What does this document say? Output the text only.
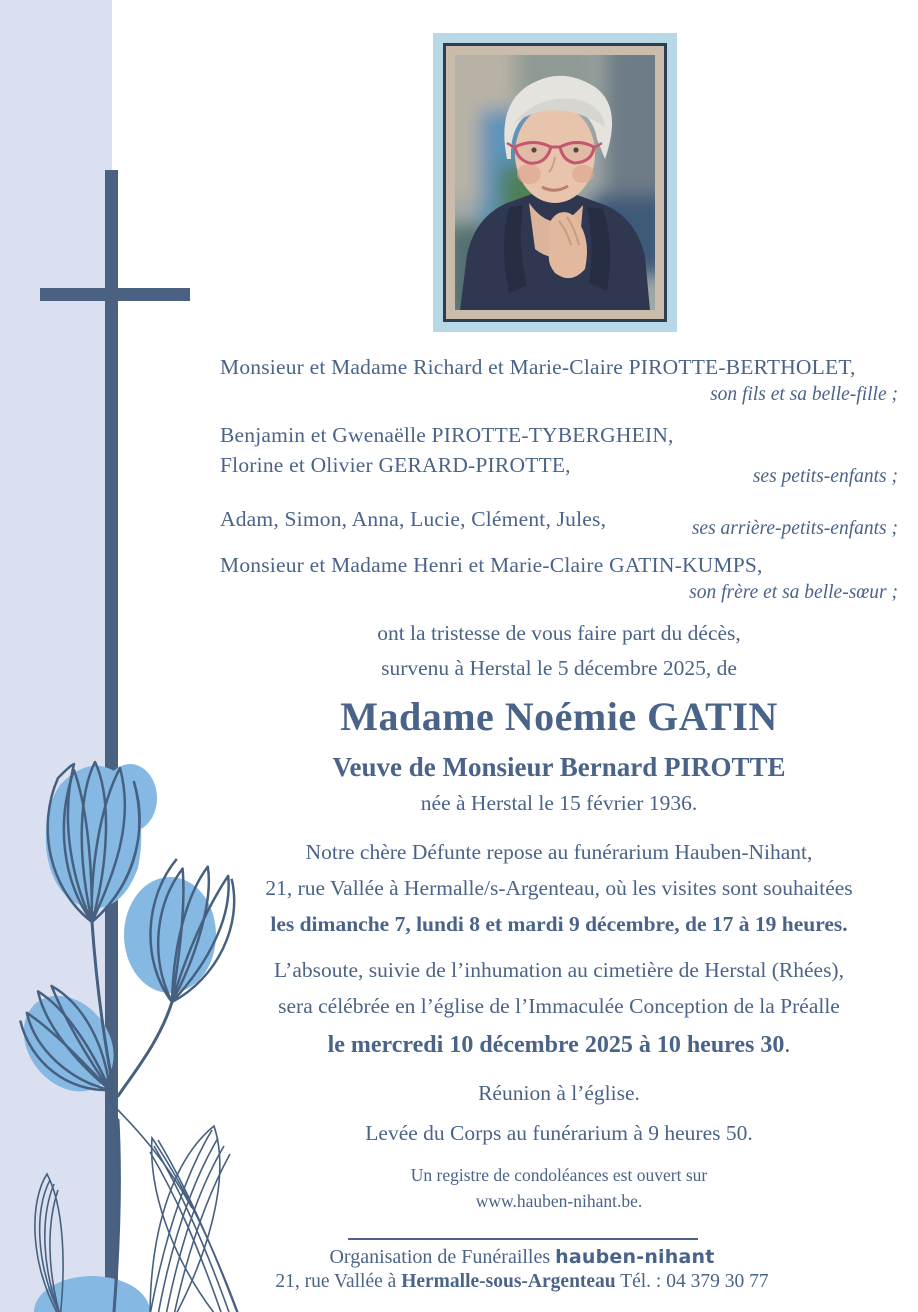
Monsieur et Madame Richard et Marie-Claire PIROTTE-BERTHOLET,
son fils et sa belle-fille ;
Benjamin et Gwenaëlle PIROTTE-TYBERGHEIN,
Florine et Olivier GERARD-PIROTTE,	ses petits-enfants ;
Adam, Simon, Anna, Lucie, Clément, Jules,	ses arrière-petits-enfants ;
Monsieur et Madame Henri et Marie-Claire GATIN-KUMPS,
son frère et sa belle-sœur ;
ont la tristesse de vous faire part du décès,
survenu à Herstal le 5 décembre 2025, de
Madame Noémie GATIN
Veuve de Monsieur Bernard PIROTTE
née à Herstal le 15 février 1936.
Notre chère Défunte repose au funérarium Hauben-Nihant,
21, rue Vallée à Hermalle/s-Argenteau, où les visites sont souhaitées
les dimanche 7, lundi 8 et mardi 9 décembre, de 17 à 19 heures.
L’absoute, suivie de l’inhumation au cimetière de Herstal (Rhées),
sera célébrée en l’église de l’Immaculée Conception de la Préalle
le mercredi 10 décembre 2025 à 10 heures 30.
Réunion à l’église.
Levée du Corps au funérarium à 9 heures 50.
Un registre de condoléances est ouvert sur
www.hauben-nihant.be.
Organisation de Funérailles hauben-nihant
21, rue Vallée à Hermalle-sous-Argenteau Tél. : 04 379 30 77
